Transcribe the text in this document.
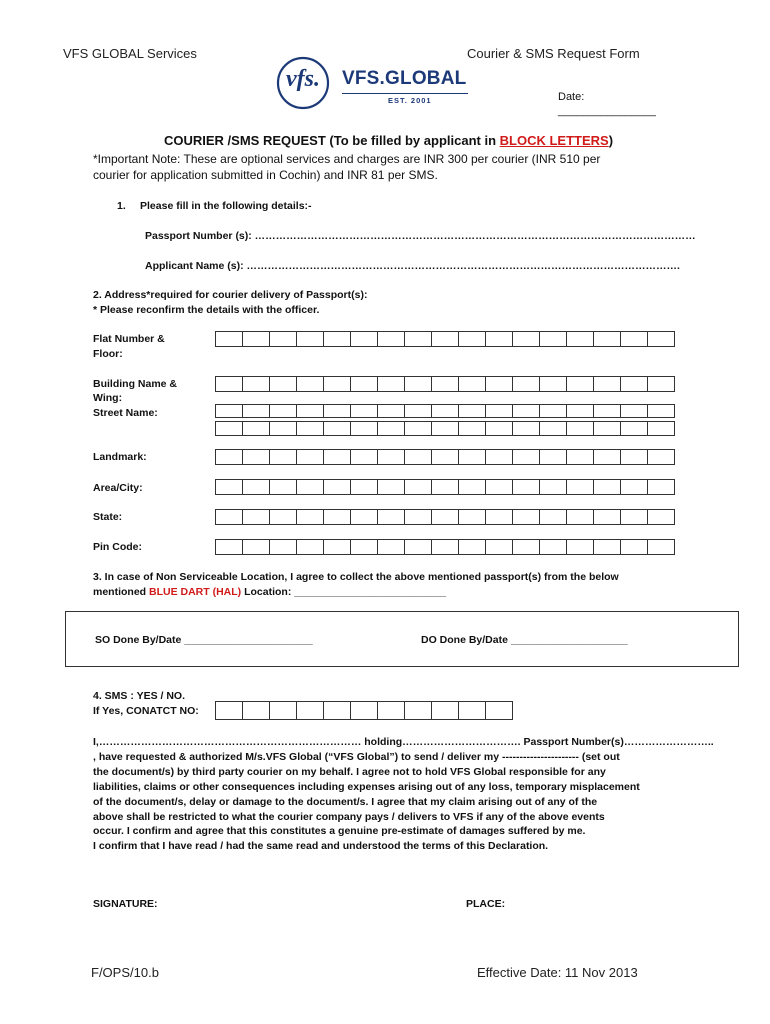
VFS GLOBAL Services	Courier & SMS Request Form
vfs.	VFS.GLOBAL
EST. 2001	Date:
________________
COURIER /SMS REQUEST (To be filled by applicant in BLOCK LETTERS)
*Important Note: These are optional services and charges are INR 300 per courier (INR 510 per
courier for application submitted in Cochin) and INR 81 per SMS.
1. Please fill in the following details:-
Passport Number (s): ………………………………………………………………………………………………………………
Applicant Name (s): …………………………………………………………………………………………………………….
2. Address*required for courier delivery of Passport(s):
* Please reconfirm the details with the officer.
Flat Number &
Floor:
Building Name &
Wing:
Street Name:
Landmark:
Area/City:
State:
Pin Code:
3. In case of Non Serviceable Location, I agree to collect the above mentioned passport(s) from the below
mentioned BLUE DART (HAL) Location: __________________________
SO Done By/Date ______________________	DO Done By/Date ____________________
4. SMS : YES / NO.
If Yes, CONATCT NO:
I,………………………………………………………………… holding……………………………. Passport Number(s)……………………..
, have requested & authorized M/s.VFS Global (“VFS Global”) to send / deliver my ---------------------- (set out
the document/s) by third party courier on my behalf. I agree not to hold VFS Global responsible for any
liabilities, claims or other consequences including expenses arising out of any loss, temporary misplacement
of the document/s, delay or damage to the document/s. I agree that my claim arising out of any of the
above shall be restricted to what the courier company pays / delivers to VFS if any of the above events
occur. I confirm and agree that this constitutes a genuine pre-estimate of damages suffered by me.
I confirm that I have read / had the same read and understood the terms of this Declaration.
SIGNATURE:	PLACE:
F/OPS/10.b	Effective Date: 11 Nov 2013
